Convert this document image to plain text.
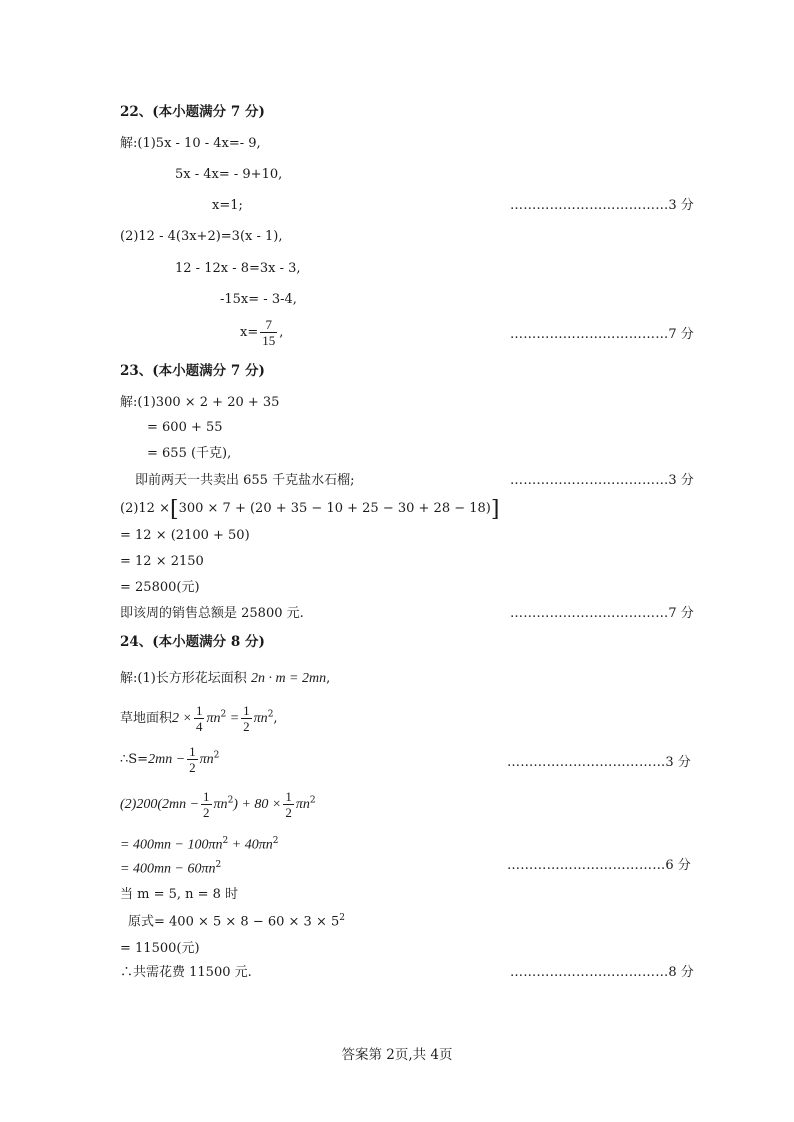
22、(本小题满分 7 分)
解:(1)5x - 10 - 4x=- 9,
5x - 4x= - 9+10,
x=1;	………………………………3 分
(2)12 - 4(3x+2)=3(x - 1),
12 - 12x - 8=3x - 3,
-15x= - 3-4,
$x= \frac{7}{15}$ ,	………………………………7 分
23、(本小题满分 7 分)
解:(1)300 × 2 + 20 + 35
= 600 + 55
= 655 (千克),
即前两天一共卖出 655 千克盐水石榴;	………………………………3 分
(2)12 ×[300 × 7 + (20 + 35 − 10 + 25 − 30 + 28 − 18)]
= 12 × (2100 + 50)
= 12 × 2150
= 25800(元)
即该周的销售总额是 25800 元.	………………………………7 分
24、(本小题满分 8 分)
解:(1)长方形花坛面积 2n · m = 2mn,
草地面积$2 \times \frac{1}{4} \pi n^2 = \frac{1}{2} \pi n^2$,
∴S=2mn − $\frac{1}{2} \pi n^2$	………………………………3 分
$(2)200(2mn - \frac{1}{2} \pi n^2) + 80 \times \frac{1}{2} \pi n^2$
= $400mn - 100\pi n^2 + 40\pi n^2$
= $400mn - 60\pi n^2$	………………………………6 分
当 m = 5, n = 8 时
原式= $400 \times 5 \times 8 - 60 \times 3 \times 5^2$
= 11500(元)
∴共需花费 11500 元.	………………………………8 分
答案第 2页,共 4页
